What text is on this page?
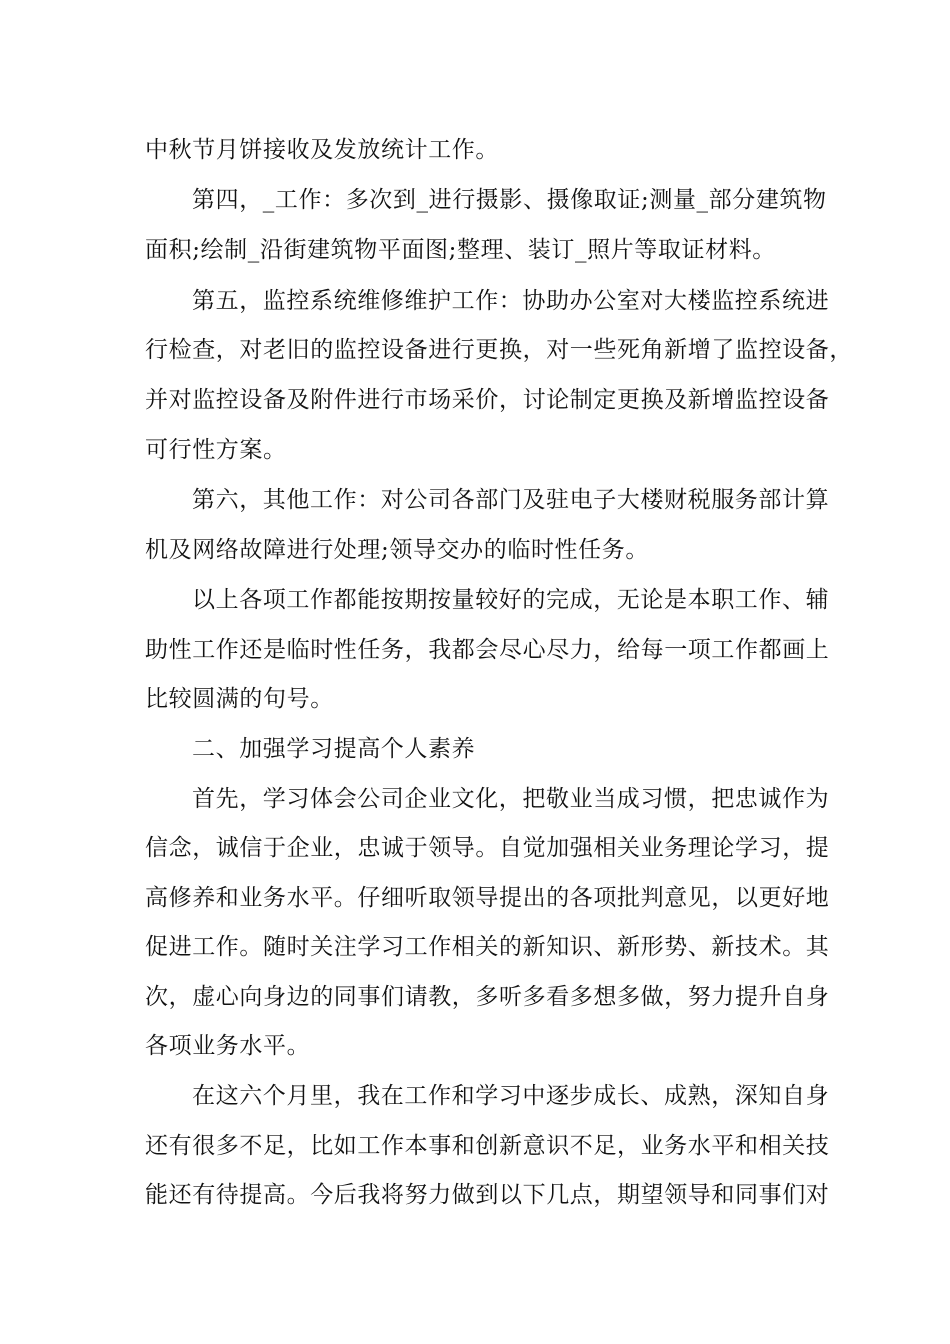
中秋节月饼接收及发放统计工作。
第四，_工作：多次到_进行摄影、摄像取证;测量_部分建筑物
面积;绘制_沿街建筑物平面图;整理、装订_照片等取证材料。
第五，监控系统维修维护工作：协助办公室对大楼监控系统进
行检查，对老旧的监控设备进行更换，对一些死角新增了监控设备，
并对监控设备及附件进行市场采价，讨论制定更换及新增监控设备
可行性方案。
第六，其他工作：对公司各部门及驻电子大楼财税服务部计算
机及网络故障进行处理;领导交办的临时性任务。
以上各项工作都能按期按量较好的完成，无论是本职工作、辅
助性工作还是临时性任务，我都会尽心尽力，给每一项工作都画上
比较圆满的句号。
二、加强学习提高个人素养
首先，学习体会公司企业文化，把敬业当成习惯，把忠诚作为
信念，诚信于企业，忠诚于领导。自觉加强相关业务理论学习，提
高修养和业务水平。仔细听取领导提出的各项批判意见，以更好地
促进工作。随时关注学习工作相关的新知识、新形势、新技术。其
次，虚心向身边的同事们请教，多听多看多想多做，努力提升自身
各项业务水平。
在这六个月里，我在工作和学习中逐步成长、成熟，深知自身
还有很多不足，比如工作本事和创新意识不足，业务水平和相关技
能还有待提高。今后我将努力做到以下几点，期望领导和同事们对
